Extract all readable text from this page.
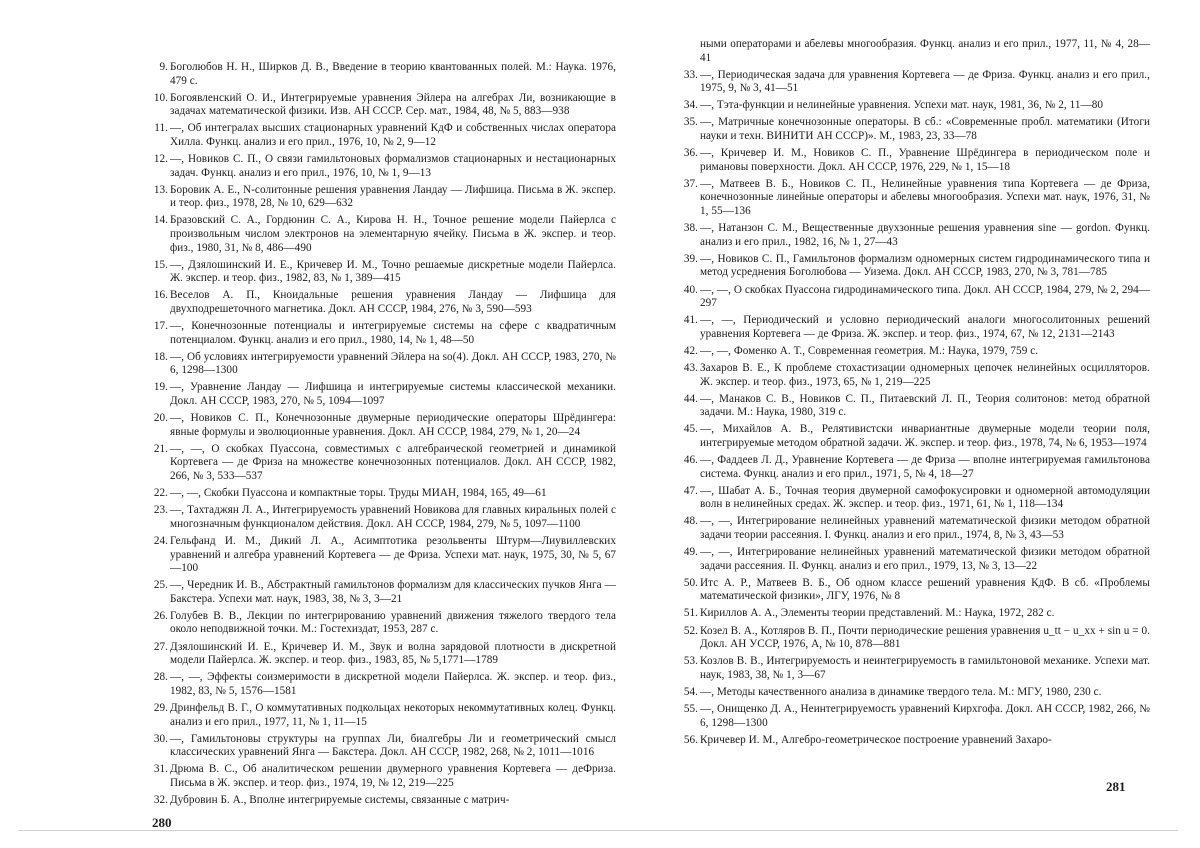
9. Боголюбов Н. Н., Ширков Д. В., Введение в теорию квантованных полей. М.: Наука. 1976, 479 с.
10. Богоявленский О. И., Интегрируемые уравнения Эйлера на алгебрах Ли, возникающие в задачах математической физики. Изв. АН СССР. Сер. мат., 1984, 48, № 5, 883—938
11. —, Об интегралах высших стационарных уравнений КдФ и собственных числах оператора Хилла. Функц. анализ и его прил., 1976, 10, № 2, 9—12
12. —, Новиков С. П., О связи гамильтоновых формализмов стационарных и нестационарных задач. Функц. анализ и его прил., 1976, 10, № 1, 9—13
13. Боровик А. Е., N-солитонные решения уравнения Ландау — Лифшица. Письма в Ж. экспер. и теор. физ., 1978, 28, № 10, 629—632
14. Бразовский С. А., Гордюнин С. А., Кирова Н. Н., Точное решение модели Пайерлса с произвольным числом электронов на элементарную ячейку. Письма в Ж. экспер. и теор. физ., 1980, 31, № 8, 486—490
15. —, Дзялошинский И. Е., Кричевер И. М., Точно решаемые дискретные модели Пайерлса. Ж. экспер. и теор. физ., 1982, 83, № 1, 389—415
16. Веселов А. П., Кноидальные решения уравнения Ландау — Лифшица для двухподрешеточного магнетика. Докл. АН СССР, 1984, 276, № 3, 590—593
17. —, Конечнозонные потенциалы и интегрируемые системы на сфере с квадратичным потенциалом. Функц. анализ и его прил., 1980, 14, № 1, 48—50
18. —, Об условиях интегрируемости уравнений Эйлера на so(4). Докл. АН СССР, 1983, 270, № 6, 1298—1300
19. —, Уравнение Ландау — Лифшица и интегрируемые системы классической механики. Докл. АН СССР, 1983, 270, № 5, 1094—1097
20. —, Новиков С. П., Конечнозонные двумерные периодические операторы Шрёдингера: явные формулы и эволюционные уравнения. Докл. АН СССР, 1984, 279, № 1, 20—24
21. —, —, О скобках Пуассона, совместимых с алгебраической геометрией и динамикой Кортевега — де Фриза на множестве конечнозонных потенциалов. Докл. АН СССР, 1982, 266, № 3, 533—537
22. —, —, Скобки Пуассона и компактные торы. Труды МИАН, 1984, 165, 49—61
23. —, Тахтаджян Л. А., Интегрируемость уравнений Новикова для главных киральных полей с многозначным функционалом действия. Докл. АН СССР, 1984, 279, № 5, 1097—1100
24. Гельфанд И. М., Дикий Л. А., Асимптотика резольвенты Штурм—Лиувиллевских уравнений и алгебра уравнений Кортевега — де Фриза. Успехи мат. наук, 1975, 30, № 5, 67—100
25. —, Чередник И. В., Абстрактный гамильтонов формализм для классических пучков Янга — Бакстера. Успехи мат. наук, 1983, 38, № 3, 3—21
26. Голубев В. В., Лекции по интегрированию уравнений движения тяжелого твердого тела около неподвижной точки. М.: Гостехиздат, 1953, 287 с.
27. Дзялошинский И. Е., Кричевер И. М., Звук и волна зарядовой плотности в дискретной модели Пайерлса. Ж. экспер. и теор. физ., 1983, 85, № 5,1771—1789
28. —, —, Эффекты соизмеримости в дискретной модели Пайерлса. Ж. экспер. и теор. физ., 1982, 83, № 5, 1576—1581
29. Дринфельд В. Г., О коммутативных подкольцах некоторых некоммутативных колец. Функц. анализ и его прил., 1977, 11, № 1, 11—15
30. —, Гамильтоновы структуры на группах Ли, биалгебры Ли и геометрический смысл классических уравнений Янга — Бакстера. Докл. АН СССР, 1982, 268, № 2, 1011—1016
31. Дрюма В. С., Об аналитическом решении двумерного уравнения Кортевега — деФриза. Письма в Ж. экспер. и теор. физ., 1974, 19, № 12, 219—225
32. Дубровин Б. А., Вполне интегрируемые системы, связанные с матрич-
280
ными операторами и абелевы многообразия. Функц. анализ и его прил., 1977, 11, № 4, 28—41
33. —, Периодическая задача для уравнения Кортевега — де Фриза. Функц. анализ и его прил., 1975, 9, № 3, 41—51
34. —, Тэта-функции и нелинейные уравнения. Успехи мат. наук, 1981, 36, № 2, 11—80
35. —, Матричные конечнозонные операторы. В сб.: «Современные пробл. математики (Итоги науки и техн. ВИНИТИ АН СССР)». М., 1983, 23, 33—78
36. —, Кричевер И. М., Новиков С. П., Уравнение Шрёдингера в периодическом поле и римановы поверхности. Докл. АН СССР, 1976, 229, № 1, 15—18
37. —, Матвеев В. Б., Новиков С. П., Нелинейные уравнения типа Кортевега — де Фриза, конечнозонные линейные операторы и абелевы многообразия. Успехи мат. наук, 1976, 31, № 1, 55—136
38. —, Натанзон С. М., Вещественные двухзонные решения уравнения sine — gordon. Функц. анализ и его прил., 1982, 16, № 1, 27—43
39. —, Новиков С. П., Гамильтонов формализм одномерных систем гидродинамического типа и метод усреднения Боголюбова — Уизема. Докл. АН СССР, 1983, 270, № 3, 781—785
40. —, —, О скобках Пуассона гидродинамического типа. Докл. АН СССР, 1984, 279, № 2, 294—297
41. —, —, Периодический и условно периодический аналоги многосолитонных решений уравнения Кортевега — де Фриза. Ж. экспер. и теор. физ., 1974, 67, № 12, 2131—2143
42. —, —, Фоменко А. Т., Современная геометрия. М.: Наука, 1979, 759 с.
43. Захаров В. Е., К проблеме стохастизации одномерных цепочек нелинейных осцилляторов. Ж. экспер. и теор. физ., 1973, 65, № 1, 219—225
44. —, Манаков С. В., Новиков С. П., Питаевский Л. П., Теория солитонов: метод обратной задачи. М.: Наука, 1980, 319 с.
45. —, Михайлов А. В., Релятивистски инвариантные двумерные модели теории поля, интегрируемые методом обратной задачи. Ж. экспер. и теор. физ., 1978, 74, № 6, 1953—1974
46. —, Фаддеев Л. Д., Уравнение Кортевега — де Фриза — вполне интегрируемая гамильтонова система. Функц. анализ и его прил., 1971, 5, № 4, 18—27
47. —, Шабат А. Б., Точная теория двумерной самофокусировки и одномерной автомодуляции волн в нелинейных средах. Ж. экспер. и теор. физ., 1971, 61, № 1, 118—134
48. —, —, Интегрирование нелинейных уравнений математической физики методом обратной задачи теории рассеяния. I. Функц. анализ и его прил., 1974, 8, № 3, 43—53
49. —, —, Интегрирование нелинейных уравнений математической физики методом обратной задачи рассеяния. II. Функц. анализ и его прил., 1979, 13, № 3, 13—22
50. Итс А. Р., Матвеев В. Б., Об одном классе решений уравнения КдФ. В сб. «Проблемы математической физики», ЛГУ, 1976, № 8
51. Кириллов А. А., Элементы теории представлений. М.: Наука, 1972, 282 с.
52. Козел В. А., Котляров В. П., Почти периодические решения уравнения u_tt − u_xx + sin u = 0. Докл. АН УССР, 1976, А, № 10, 878—881
53. Козлов В. В., Интегрируемость и неинтегрируемость в гамильтоновой механике. Успехи мат. наук, 1983, 38, № 1, 3—67
54. —, Методы качественного анализа в динамике твердого тела. М.: МГУ, 1980, 230 с.
55. —, Онищенко Д. А., Неинтегрируемость уравнений Кирхгофа. Докл. АН СССР, 1982, 266, № 6, 1298—1300
56. Кричевер И. М., Алгебро-геометрическое построение уравнений Захаро-
281
